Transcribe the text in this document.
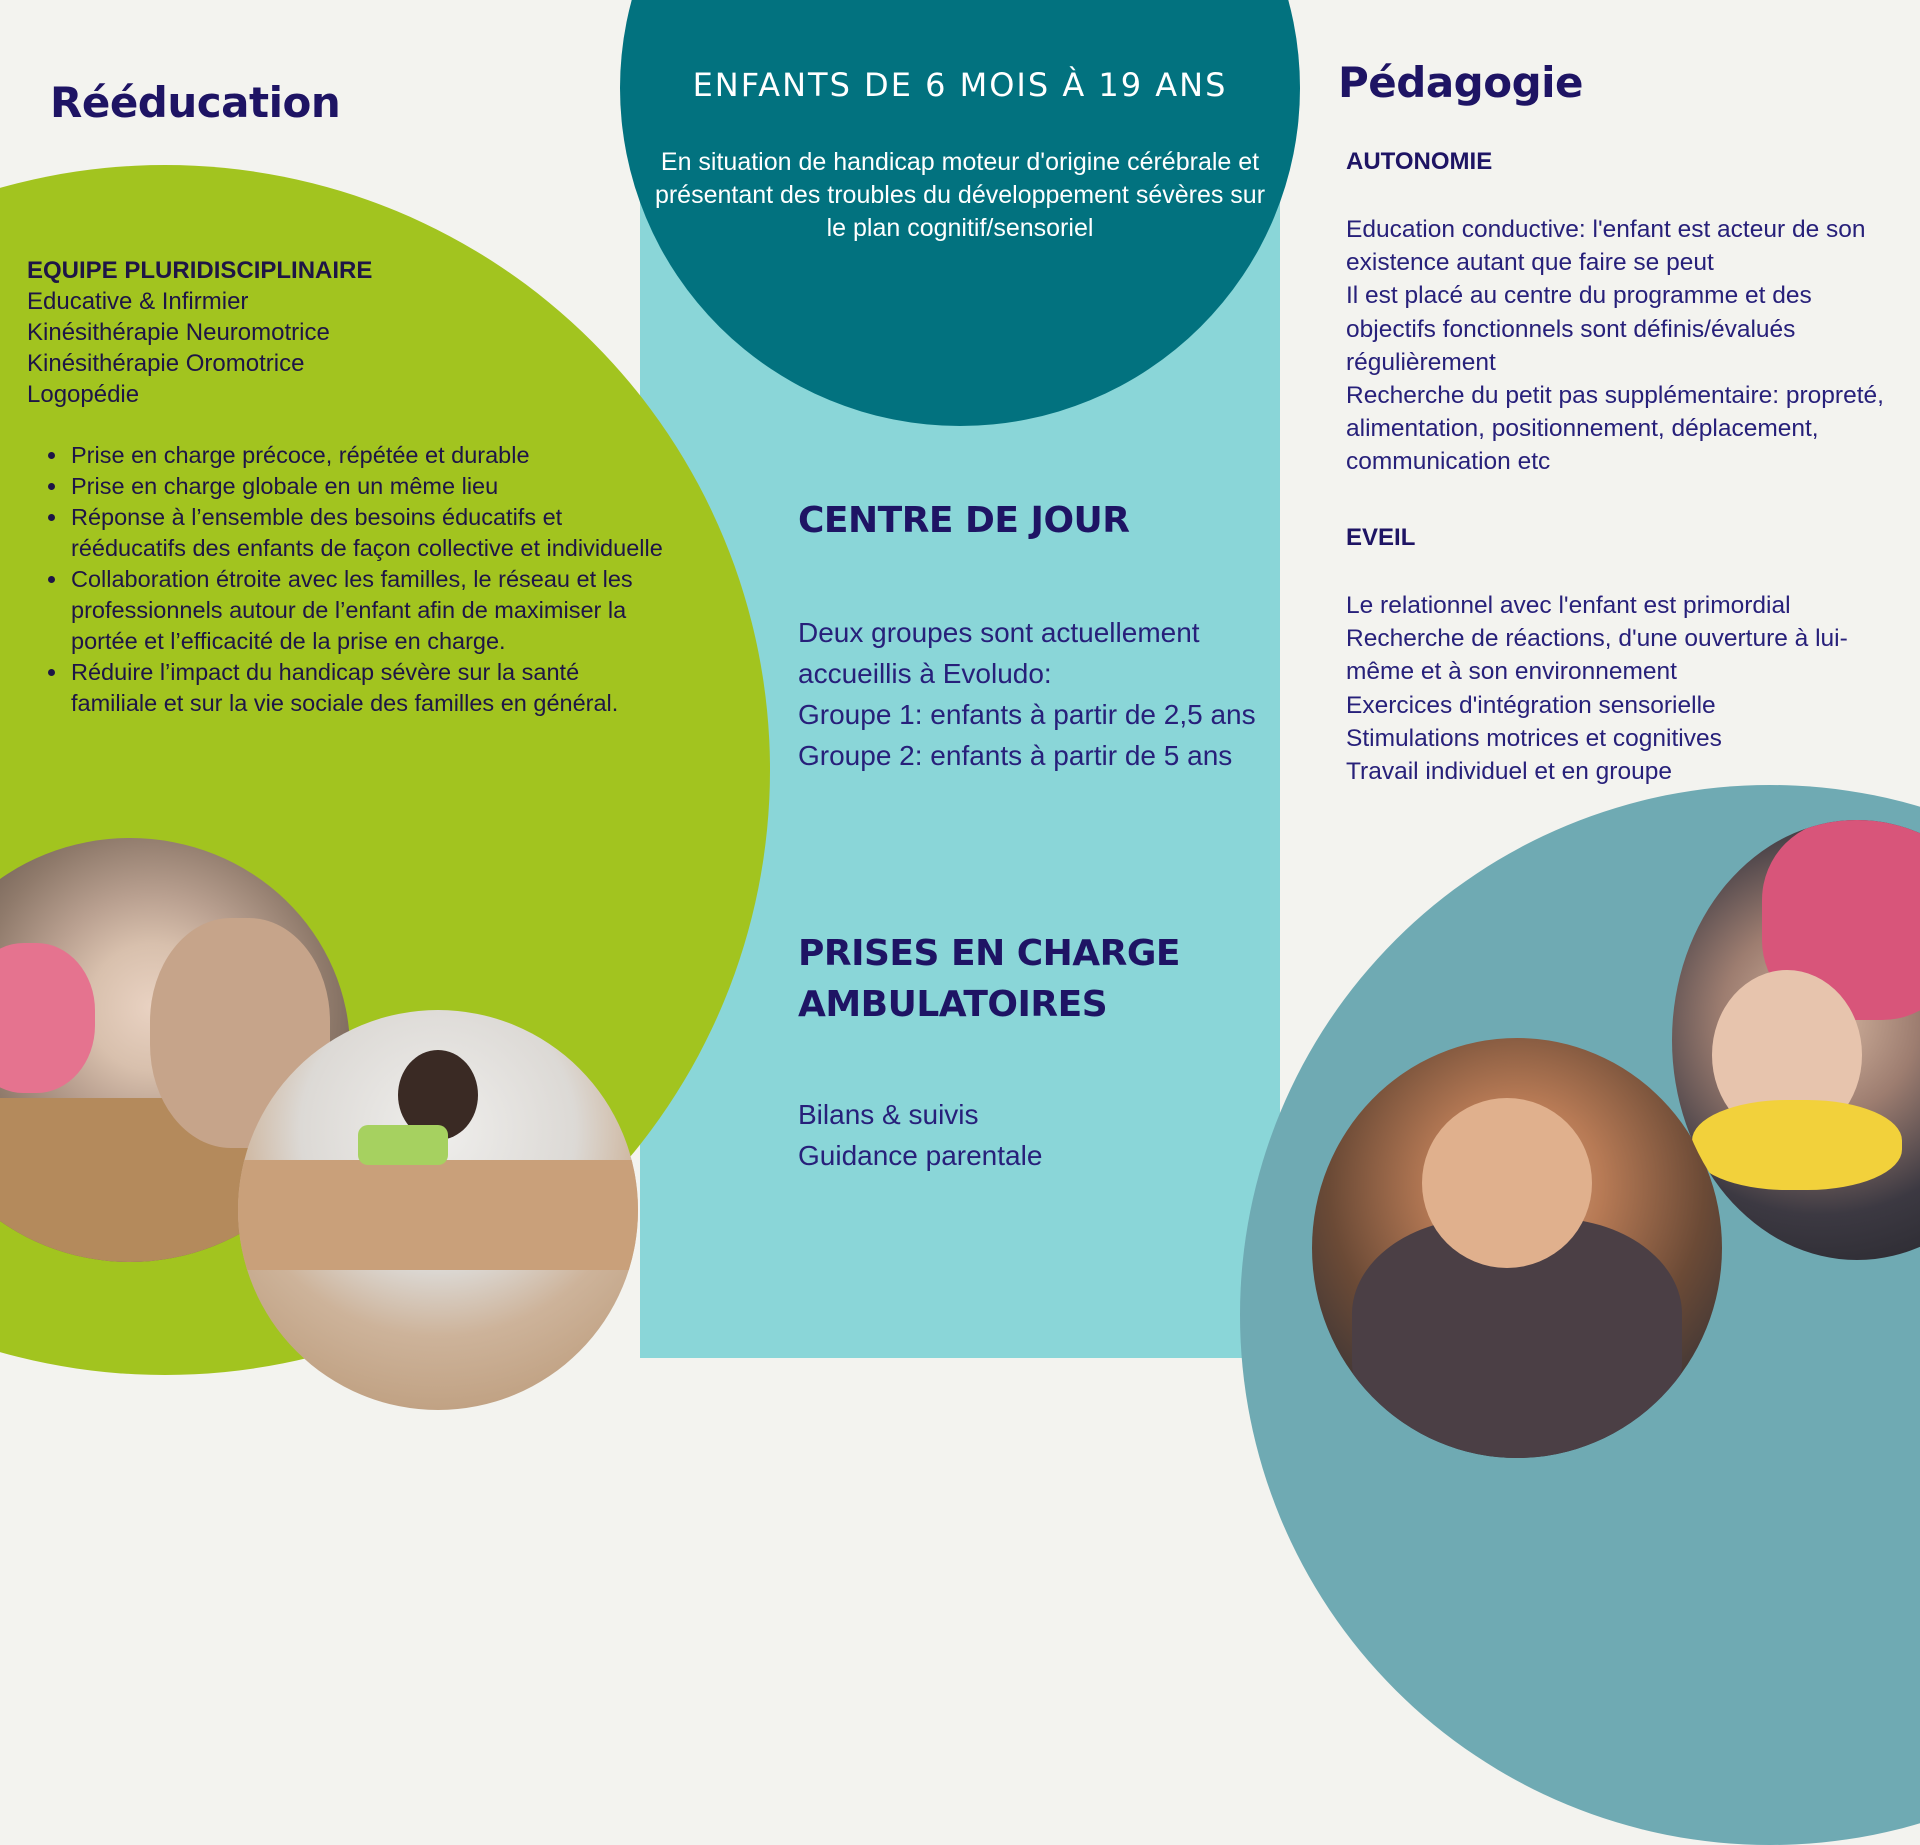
Rééducation
EQUIPE PLURIDISCIPLINAIRE
Educative & Infirmier
Kinésithérapie Neuromotrice
Kinésithérapie Oromotrice
Logopédie
• Prise en charge précoce, répétée et durable
• Prise en charge globale en un même lieu
• Réponse à l’ensemble des besoins éducatifs et rééducatifs des enfants de façon collective et individuelle
• Collaboration étroite avec les familles, le réseau et les professionnels autour de l’enfant afin de maximiser la portée et l’efficacité de la prise en charge.
• Réduire l’impact du handicap sévère sur la santé familiale et sur la vie sociale des familles en général.
ENFANTS DE 6 MOIS À 19 ANS
En situation de handicap moteur d'origine cérébrale et présentant des troubles du développement sévères sur le plan cognitif/sensoriel
CENTRE DE JOUR
Deux groupes sont actuellement accueillis à Evoludo:
Groupe 1: enfants à partir de 2,5 ans
Groupe 2: enfants à partir de 5 ans
PRISES EN CHARGE AMBULATOIRES
Bilans & suivis
Guidance parentale
Pédagogie
AUTONOMIE
Education conductive: l'enfant est acteur de son existence autant que faire se peut
Il est placé au centre du programme et des objectifs fonctionnels sont définis/évalués régulièrement
Recherche du petit pas supplémentaire: propreté, alimentation, positionnement, déplacement, communication etc
EVEIL
Le relationnel avec l'enfant est primordial
Recherche de réactions, d'une ouverture à lui-même et à son environnement
Exercices d'intégration sensorielle
Stimulations motrices et cognitives
Travail individuel et en groupe
